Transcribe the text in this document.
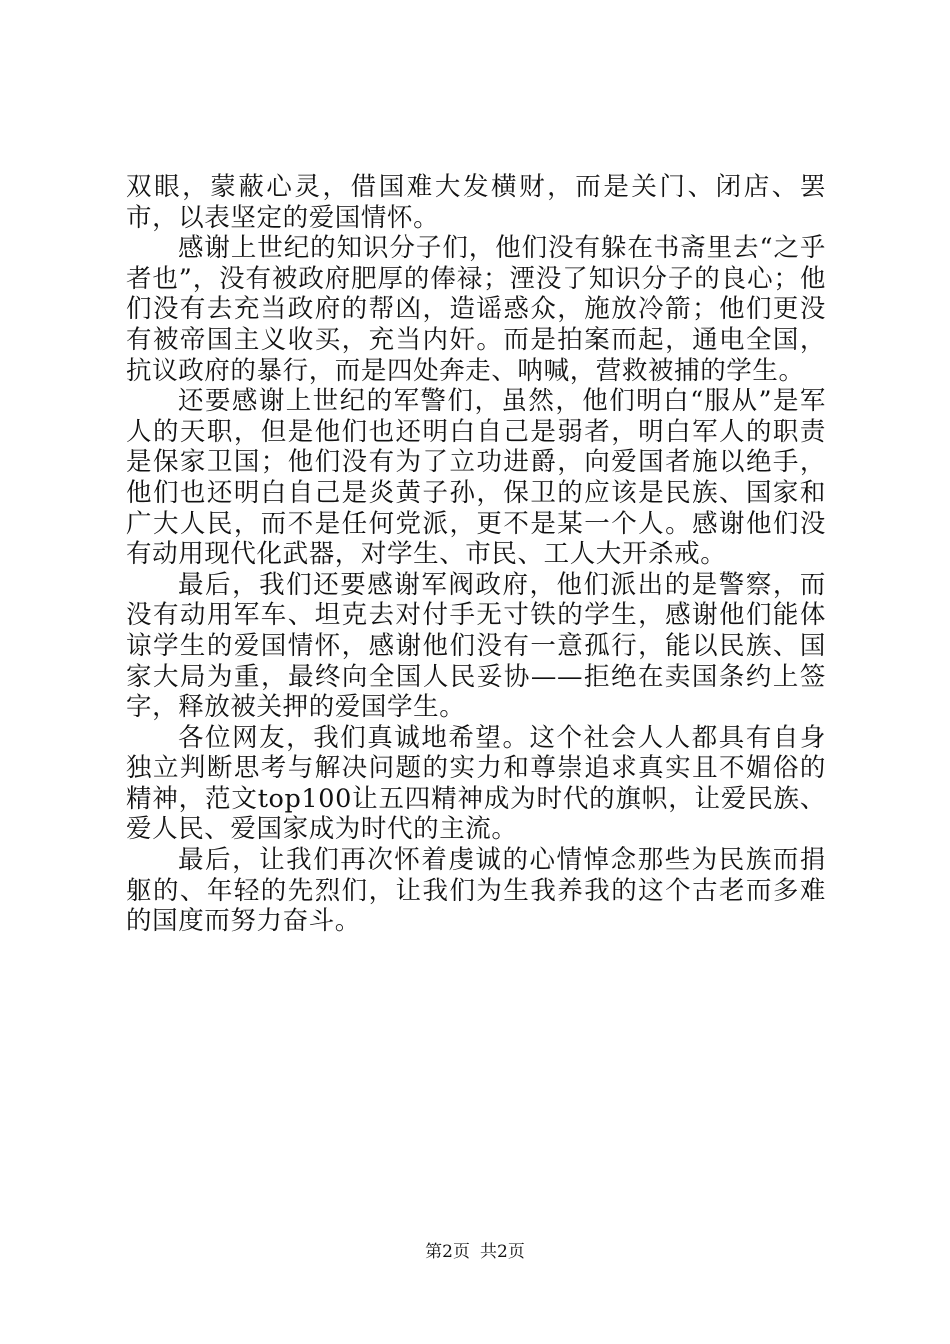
双眼，蒙蔽心灵，借国难大发横财，而是关门、闭店、罢市，以表坚定的爱国情怀。

感谢上世纪的知识分子们，他们没有躲在书斋里去“之乎者也”，没有被政府肥厚的俸禄；湮没了知识分子的良心；他们没有去充当政府的帮凶，造谣惑众，施放冷箭；他们更没有被帝国主义收买，充当内奸。而是拍案而起，通电全国，抗议政府的暴行，而是四处奔走、呐喊，营救被捕的学生。

还要感谢上世纪的军警们，虽然，他们明白“服从”是军人的天职，但是他们也还明白自己是弱者，明白军人的职责是保家卫国；他们没有为了立功进爵，向爱国者施以绝手，他们也还明白自己是炎黄子孙，保卫的应该是民族、国家和广大人民，而不是任何党派，更不是某一个人。感谢他们没有动用现代化武器，对学生、市民、工人大开杀戒。

最后，我们还要感谢军阀政府，他们派出的是警察，而没有动用军车、坦克去对付手无寸铁的学生，感谢他们能体谅学生的爱国情怀，感谢他们没有一意孤行，能以民族、国家大局为重，最终向全国人民妥协——拒绝在卖国条约上签字，释放被关押的爱国学生。

各位网友，我们真诚地希望。这个社会人人都具有自身独立判断思考与解决问题的实力和尊崇追求真实且不媚俗的精神，范文top100让五四精神成为时代的旗帜，让爱民族、爱人民、爱国家成为时代的主流。

最后，让我们再次怀着虔诚的心情悼念那些为民族而捐躯的、年轻的先烈们，让我们为生我养我的这个古老而多难的国度而努力奋斗。

第2页 共2页
